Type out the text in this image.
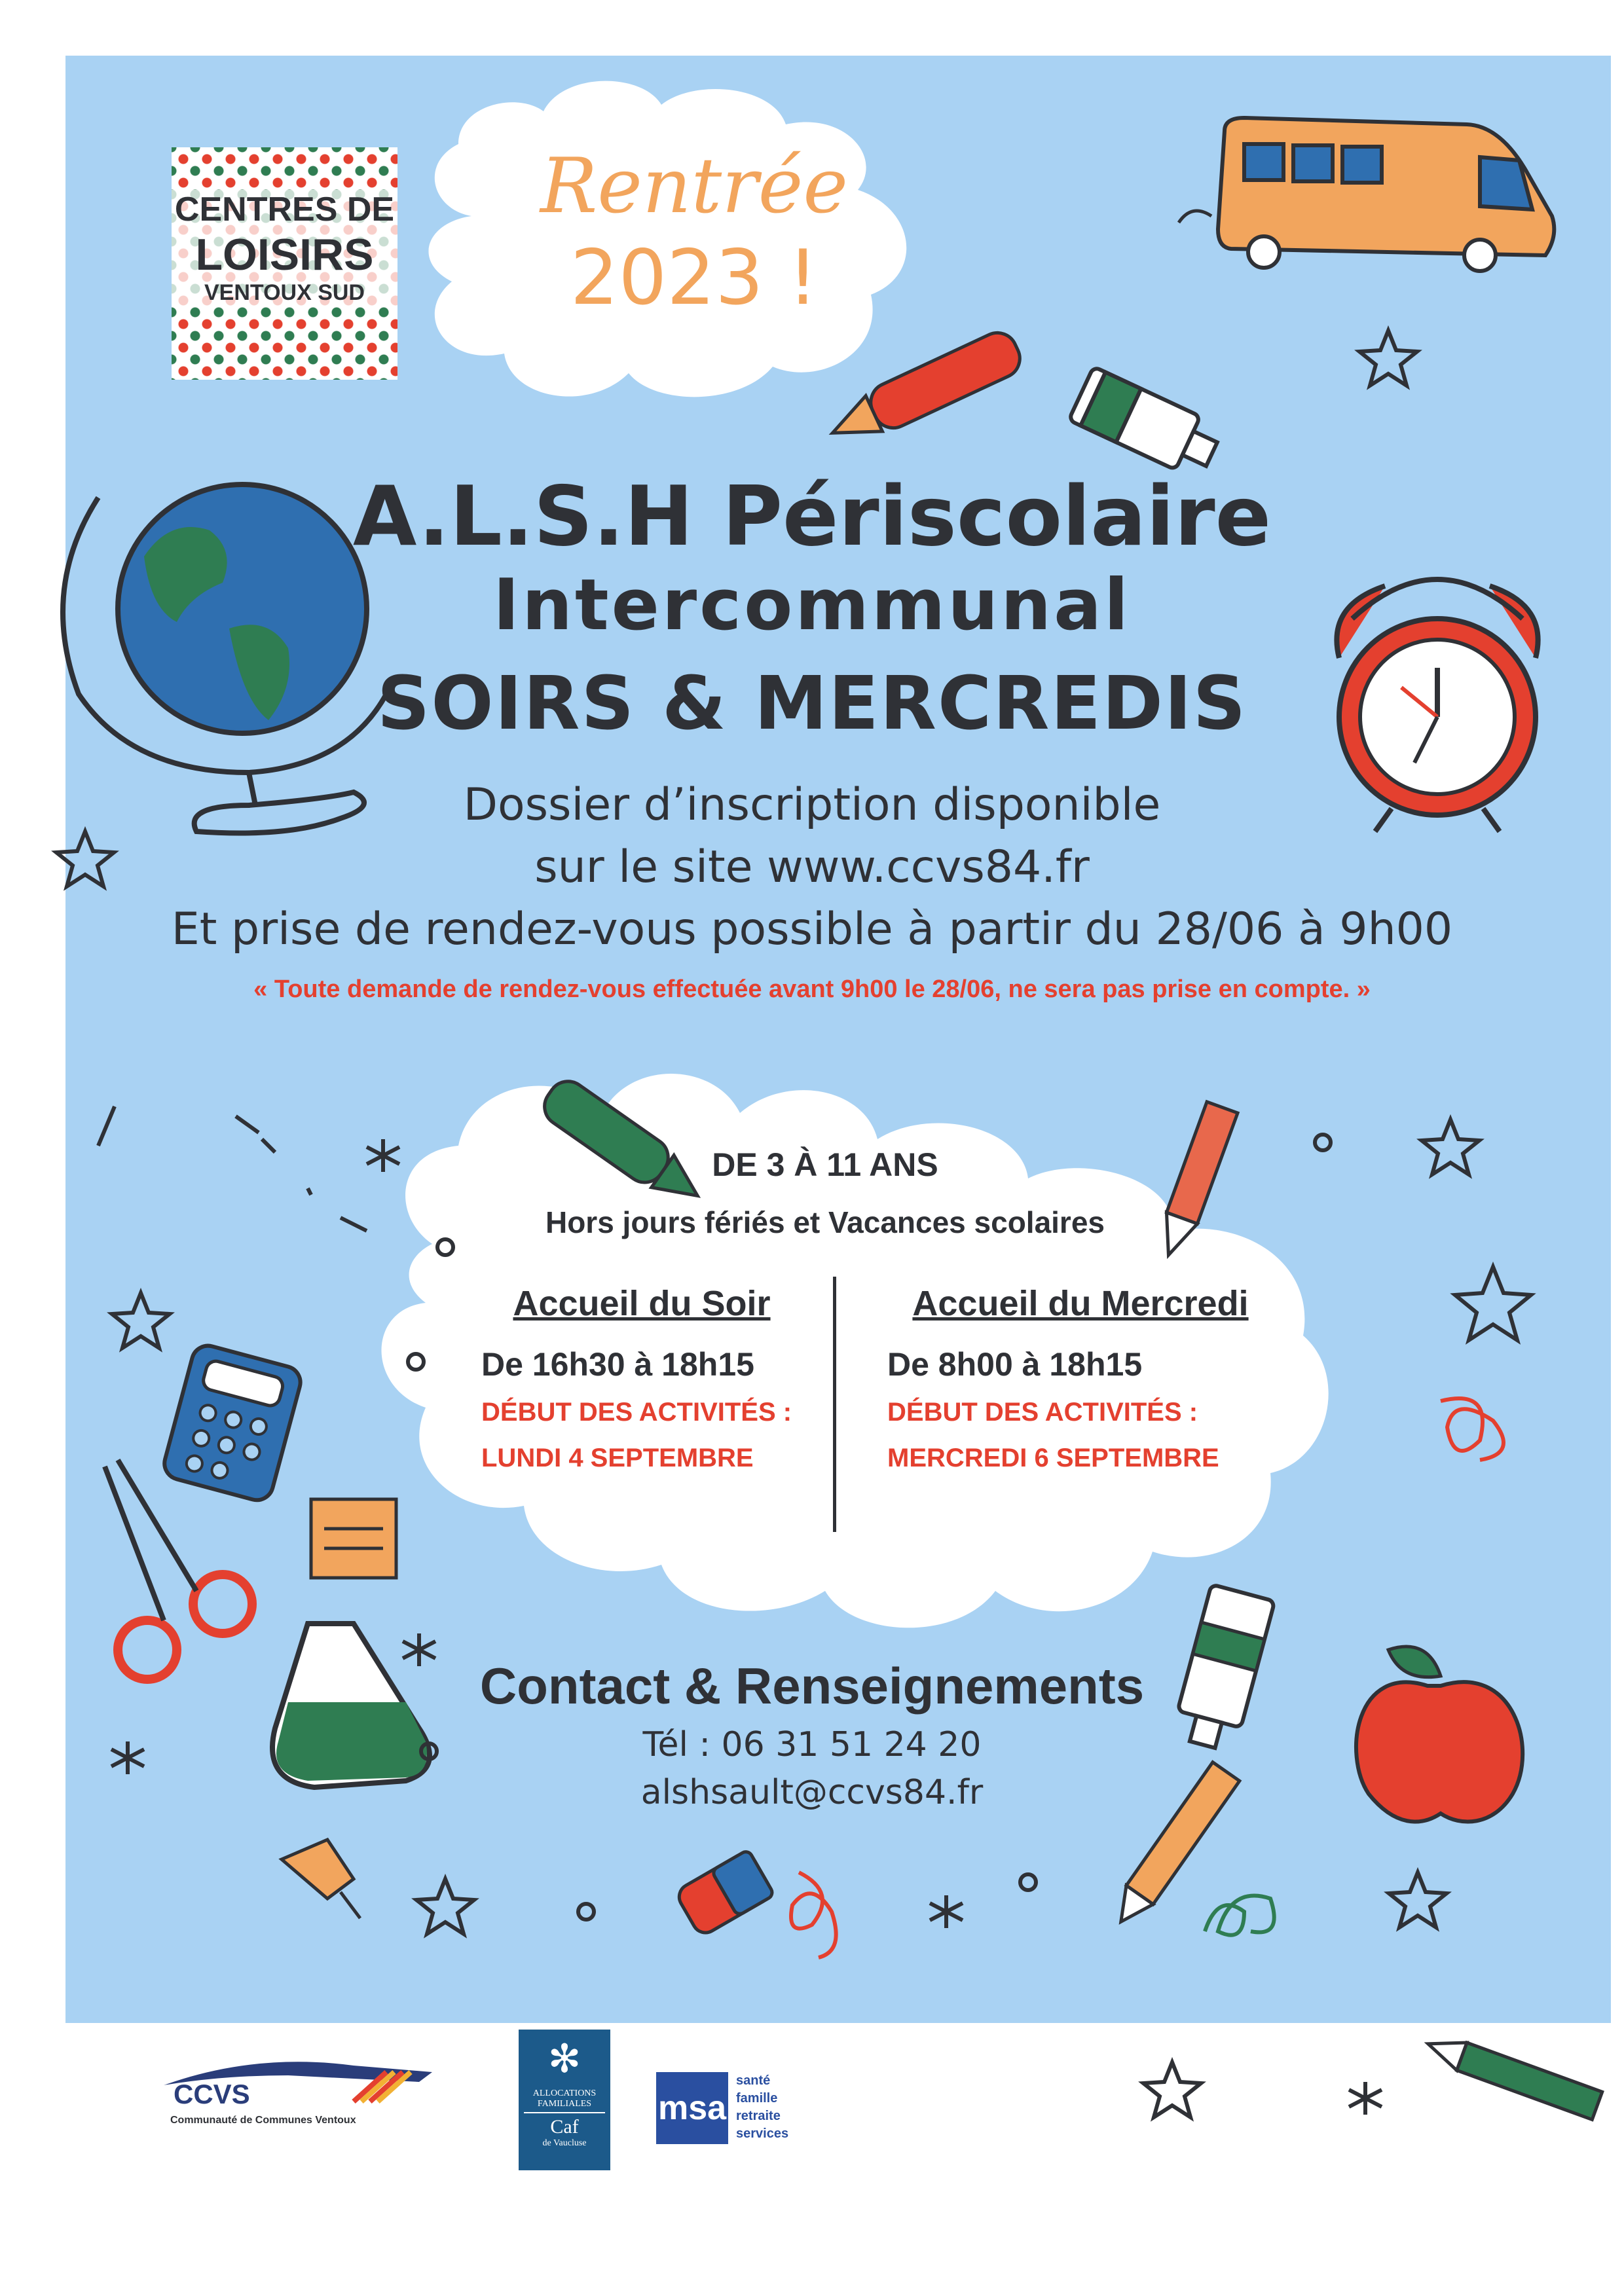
CENTRES DE
LOISIRS
VENTOUX SUD
Rentrée
2023 !
A.L.S.H Périscolaire
Intercommunal
SOIRS & MERCREDIS
Dossier d’inscription disponible
sur le site www.ccvs84.fr
Et prise de rendez-vous possible à partir du 28/06 à 9h00
« Toute demande de rendez-vous effectuée avant 9h00 le 28/06, ne sera pas prise en compte. »
DE 3 À 11 ANS
Hors jours fériés et Vacances scolaires
Accueil du Soir
De 16h30 à 18h15
DÉBUT DES ACTIVITÉS :
LUNDI 4 SEPTEMBRE
Accueil du Mercredi
De 8h00 à 18h15
DÉBUT DES ACTIVITÉS :
MERCREDI 6 SEPTEMBRE
Contact & Renseignements
Tél : 06 31 51 24 20
alshsault@ccvs84.fr
CCVS
Communauté de Communes Ventoux
✻
ALLOCATIONS
FAMILIALES
Caf
de Vaucluse
msa
santé
famille
retraite
services
